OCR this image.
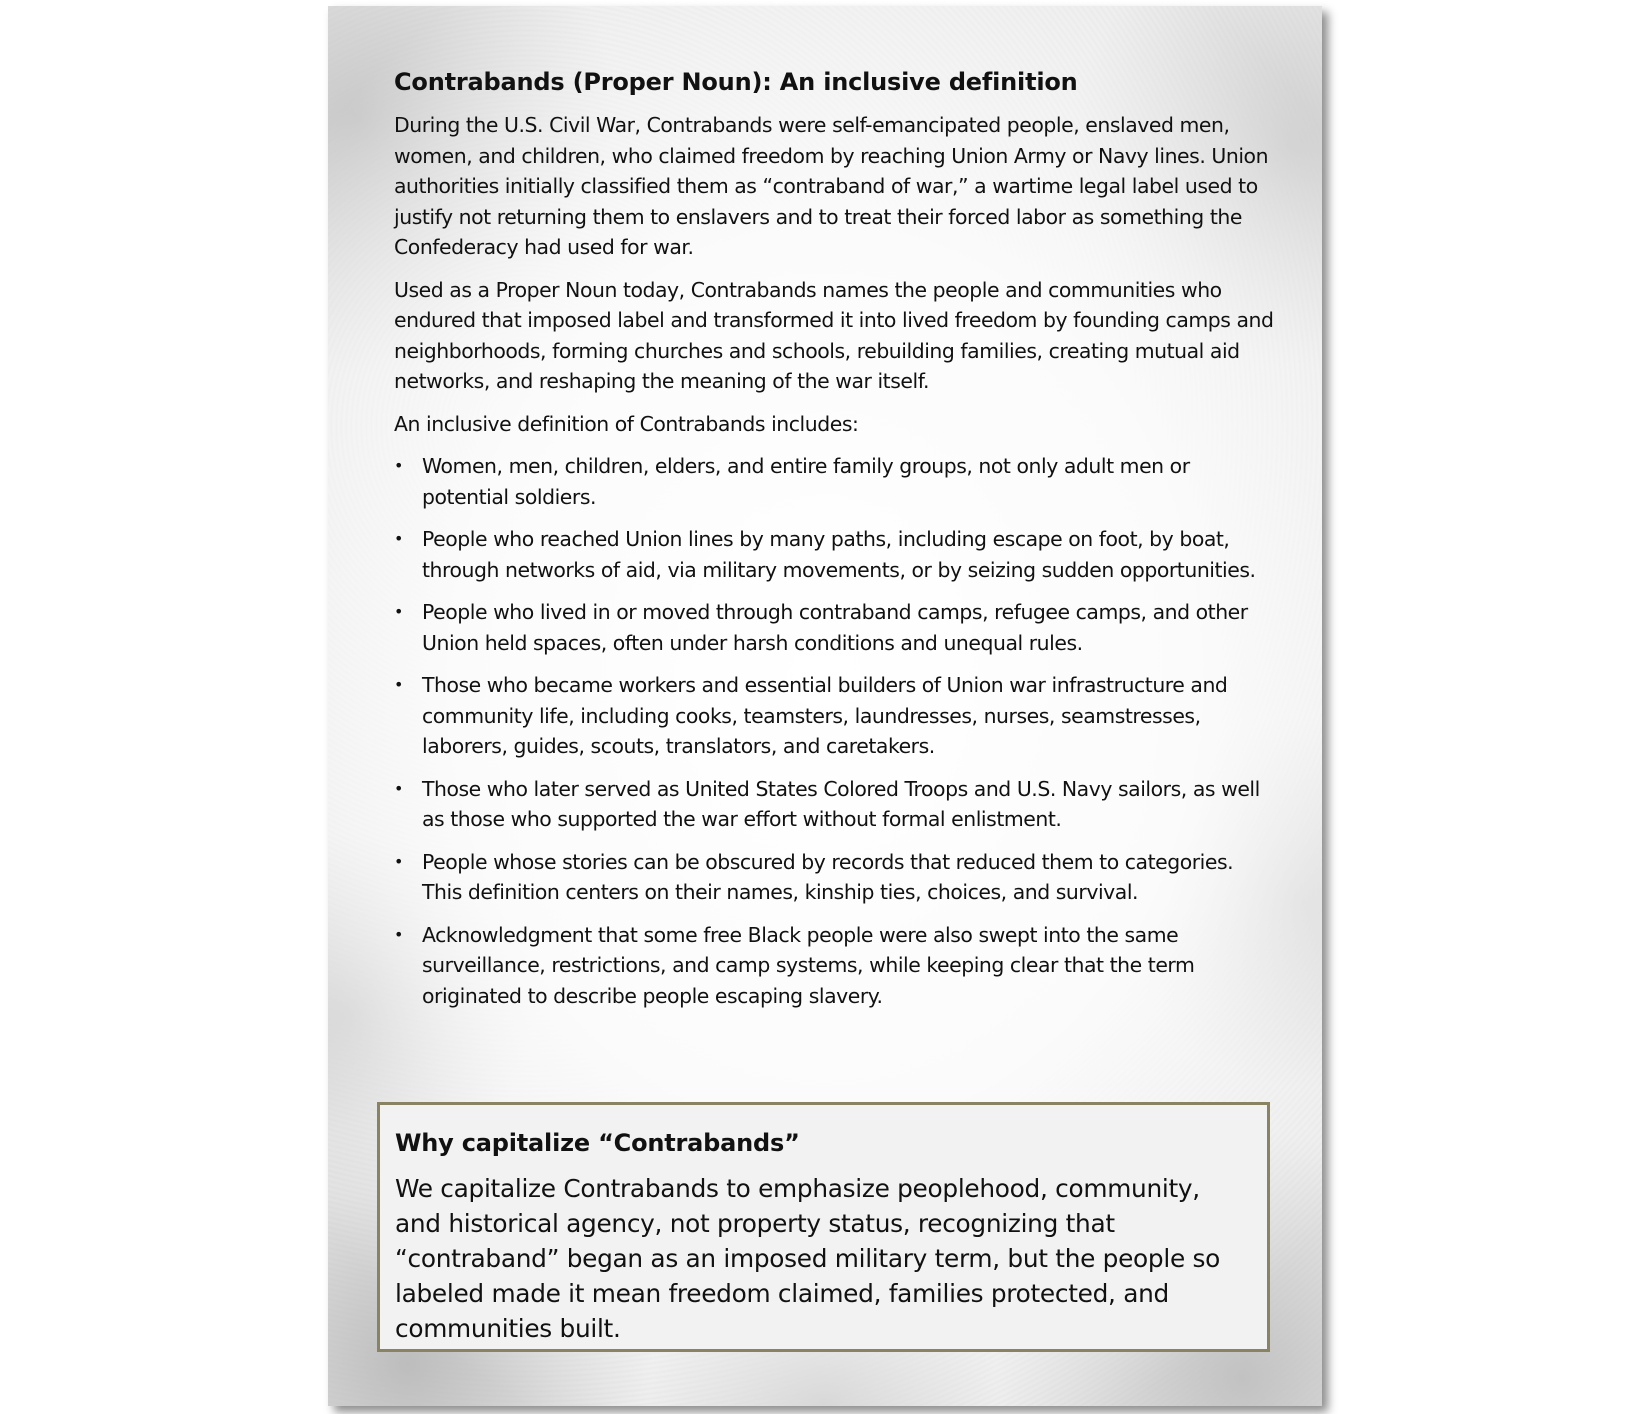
Contrabands (Proper Noun): An inclusive definition

During the U.S. Civil War, Contrabands were self-emancipated people, enslaved men, women, and children, who claimed freedom by reaching Union Army or Navy lines. Union authorities initially classified them as “contraband of war,” a wartime legal label used to justify not returning them to enslavers and to treat their forced labor as something the Confederacy had used for war.

Used as a Proper Noun today, Contrabands names the people and communities who endured that imposed label and transformed it into lived freedom by founding camps and neighborhoods, forming churches and schools, rebuilding families, creating mutual aid networks, and reshaping the meaning of the war itself.

An inclusive definition of Contrabands includes:

• Women, men, children, elders, and entire family groups, not only adult men or potential soldiers.
• People who reached Union lines by many paths, including escape on foot, by boat, through networks of aid, via military movements, or by seizing sudden opportunities.
• People who lived in or moved through contraband camps, refugee camps, and other Union held spaces, often under harsh conditions and unequal rules.
• Those who became workers and essential builders of Union war infrastructure and community life, including cooks, teamsters, laundresses, nurses, seamstresses, laborers, guides, scouts, translators, and caretakers.
• Those who later served as United States Colored Troops and U.S. Navy sailors, as well as those who supported the war effort without formal enlistment.
• People whose stories can be obscured by records that reduced them to categories. This definition centers on their names, kinship ties, choices, and survival.
• Acknowledgment that some free Black people were also swept into the same surveillance, restrictions, and camp systems, while keeping clear that the term originated to describe people escaping slavery.
Why capitalize “Contrabands”

We capitalize Contrabands to emphasize peoplehood, community, and historical agency, not property status, recognizing that “contraband” began as an imposed military term, but the people so labeled made it mean freedom claimed, families protected, and communities built.
